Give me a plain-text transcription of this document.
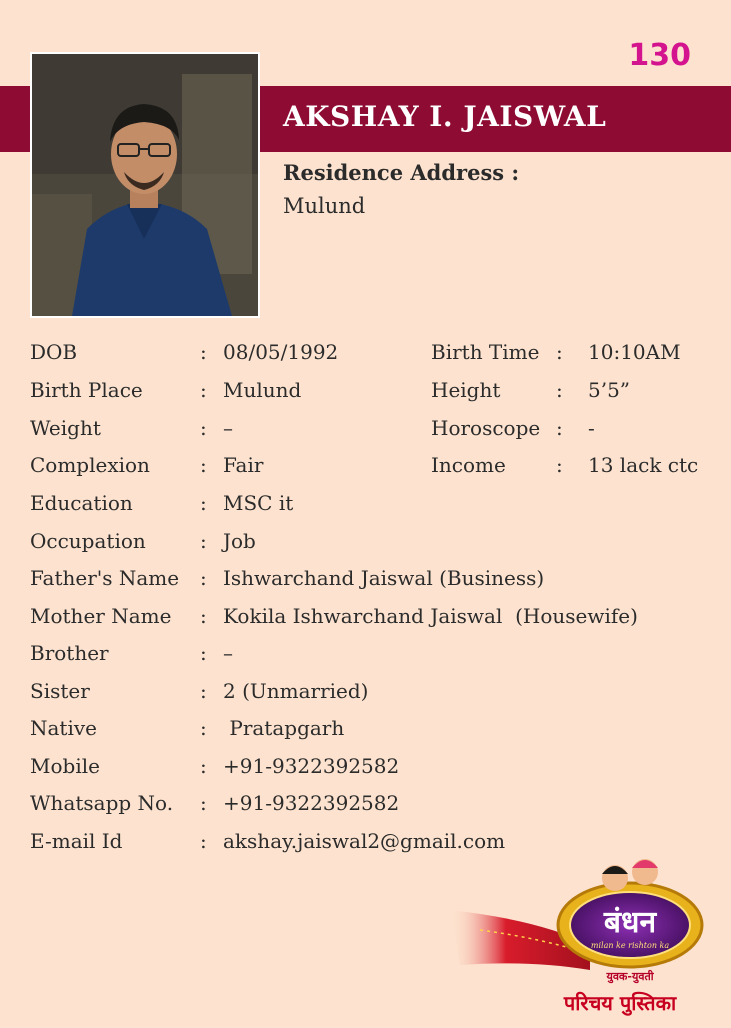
130
AKSHAY I. JAISWAL
Residence Address :
Mulund
DOB	: 08/05/1992	Birth Time : 10:10AM
Birth Place	: Mulund	Height	: 5’5”
Weight	: –	Horoscope : -
Complexion	: Fair	Income	: 13 lack ctc
Education	: MSC it
Occupation	: Job
Father's Name : Ishwarchand Jaiswal (Business)
Mother Name : Kokila Ishwarchand Jaiswal  (Housewife)
Brother	: –
Sister	: 2 (Unmarried)
Native	: Pratapgarh
Mobile	: +91-9322392582
Whatsapp No. : +91-9322392582
E-mail Id	: akshay.jaiswal2@gmail.com
बंधन
milan ke rishton ka
युवक-युवती
परिचय पुस्तिका
